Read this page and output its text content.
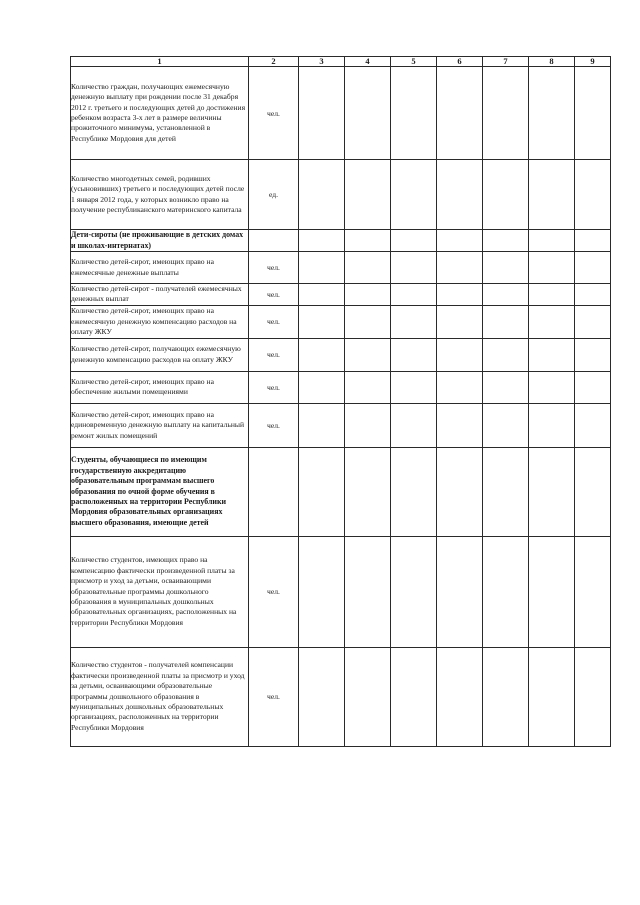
1	2	3	4	5	6	7	8	9
Количество граждан, получающих ежемесячную денежную выплату при рождении после 31 декабря 2012 г. третьего и последующих детей до достижения ребенком возраста 3-х лет в размере величины прожиточного минимума, установленной в Республике Мордовия для детей	чел.							
Количество многодетных семей, родивших (усыновивших) третьего и последующих детей после 1 января 2012 года, у которых возникло право на получение республиканского материнского капитала	ед.							
Дети-сироты (не проживающие в детских домах и школах-интернатах)								
Количество детей-сирот, имеющих право на ежемесячные денежные выплаты	чел.							
Количество детей-сирот - получателей ежемесячных денежных выплат	чел.							
Количество детей-сирот, имеющих право на ежемесячную денежную компенсацию расходов на оплату ЖКУ	чел.							
Количество детей-сирот, получающих ежемесячную денежную компенсацию расходов на оплату ЖКУ	чел.							
Количество детей-сирот, имеющих право на обеспечение жилыми помещениями	чел.							
Количество детей-сирот, имеющих право на единовременную денежную выплату на капитальный ремонт жилых помещений	чел.							
Студенты, обучающиеся по имеющим государственную аккредитацию образовательным программам высшего образования по очной форме обучения в расположенных на территории Республики Мордовия образовательных организациях высшего образования, имеющие детей								
Количество студентов, имеющих право на компенсацию фактически произведенной платы за присмотр и уход за детьми, осваивающими образовательные программы дошкольного образования в муниципальных дошкольных образовательных организациях, расположенных на территории Республики Мордовия	чел.							
Количество студентов - получателей компенсации фактически произведенной платы за присмотр и уход за детьми, осваивающими образовательные программы дошкольного образования в муниципальных дошкольных образовательных организациях, расположенных на территории Республики Мордовия	чел.							
